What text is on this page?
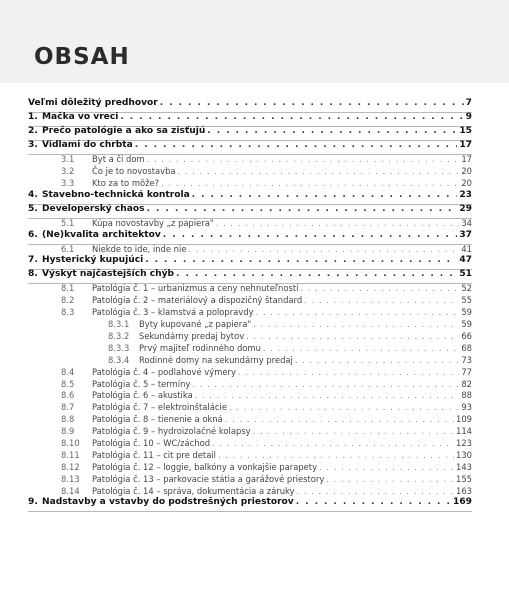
OBSAH
Veľmi dôležitý predhovor . . .	7
1. Mačka vo vreci . . .	9
2. Prečo patológie a ako sa zisťujú . . .	15
3. Vidlami do chrbta . . .	17
3.1	Byt a či dom . . .	17
3.2	Čo je to novostavba . . .	20
3.3	Kto za to môže? . . .	20
4. Stavebno-technická kontrola . . .	23
5. Developerský chaos . . .	29
5.1	Kúpa novostavby „z papiera" . . .	34
6. (Ne)kvalita architektov . . .	37
6.1	Niekde to ide, inde nie . . .	41
7. Hysterický kupujúci . . .	47
8. Výskyt najčastejších chýb . . .	51
8.1	Patológia č. 1 – urbanizmus a ceny nehnuteľností . . .	52
8.2	Patológia č. 2 – materiálový a dispozičný štandard . . .	55
8.3	Patológia č. 3 – klamstvá a polopravdy . . .	59
8.3.1	Byty kupované „z papiera" . . .	59
8.3.2	Sekundárny predaj bytov . . .	66
8.3.3	Prvý majiteľ rodinného domu . . .	68
8.3.4	Rodinné domy na sekundárny predaj . . .	73
8.4	Patológia č. 4 – podlahové výmery . . .	77
8.5	Patológia č. 5 – termíny . . .	82
8.6	Patológia č. 6 – akustika . . .	88
8.7	Patológia č. 7 – elektroinštalácie . . .	93
8.8	Patológia č. 8 – tienenie a okná . . .	109
8.9	Patológia č. 9 – hydroizolačné kolapsy . . .	114
8.10	Patológia č. 10 – WC/záchod . . .	123
8.11	Patológia č. 11 – cit pre detail . . .	130
8.12	Patológia č. 12 – loggie, balkóny a vonkajšie parapety . . .	143
8.13	Patológia č. 13 – parkovacie státia a garážové priestory . . .	155
8.14	Patológia č. 14 – správa, dokumentácia a záruky . . .	163
9. Nadstavby a vstavby do podstrešných priestorov . . .	169
